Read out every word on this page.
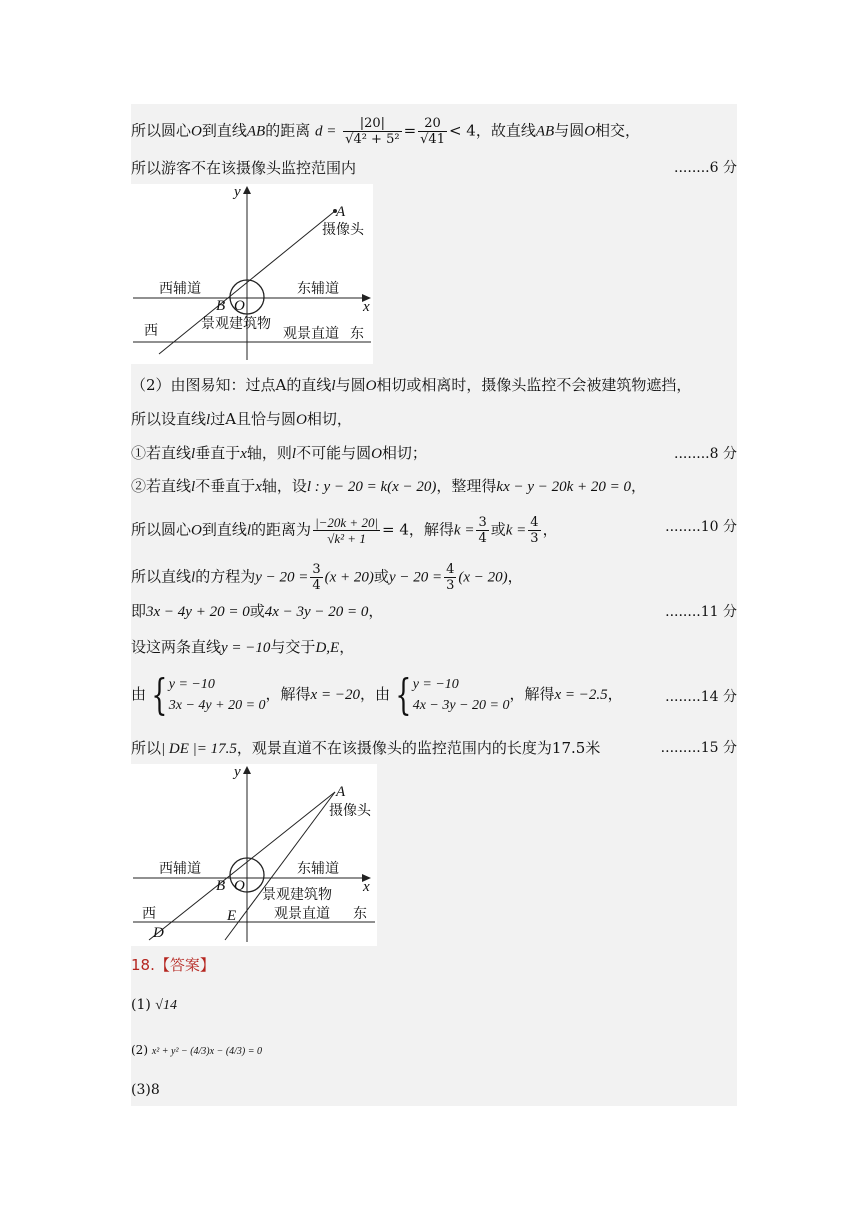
所以圆心O到直线AB的距离 $d = \frac{|20|}{\text{√4² + 5²}} = \frac{20}{√41} < 4$，故直线AB与圆O相交，
所以游客不在该摄像头监控范围内	........6 分
y
x
A
摄像头
西辅道	东辅道
B O
西	景观建筑物
观景直道 东
（2）由图易知：过点A的直线l与圆O相切或相离时，摄像头监控不会被建筑物遮挡，
所以设直线l过A且恰与圆O相切，
①若直线l垂直于x轴，则l不可能与圆O相切；	........8 分
②若直线l不垂直于x轴，设l : y − 20 = k(x − 20)，整理得kx − y − 20k + 20 = 0，
所以圆心O到直线l的距离为 $\frac{|-20k + 20|}{\text{√k² + 1}} = 4$，解得$k = \frac{3}{4}$ 或$k = \frac{4}{3}$ ，	........10 分
所以直线l的方程为$y - 20 = \frac{3}{4} (x + 20)$或$y - 20 = \frac{4}{3} (x - 20)$，
即3x − 4y + 20 = 0或4x − 3y − 20 = 0，	........11 分
设这两条直线y = −10与交于D,E，
由 { y = −10
3x − 4y + 20 = 0
，解得x = −20，由 { y = −10
4x − 3y − 20 = 0
，解得x = −2.5，	........14 分
所以| DE |= 17.5，观景直道不在该摄像头的监控范围内的长度为17.5米	.........15 分
y
x
A
摄像头
西辅道	东辅道
B O
景观建筑物
西	E	观景直道 东
D
18.【答案】
(1) √14
(2) x² + y² − (4/3)x − (4/3) = 0
(3)8
